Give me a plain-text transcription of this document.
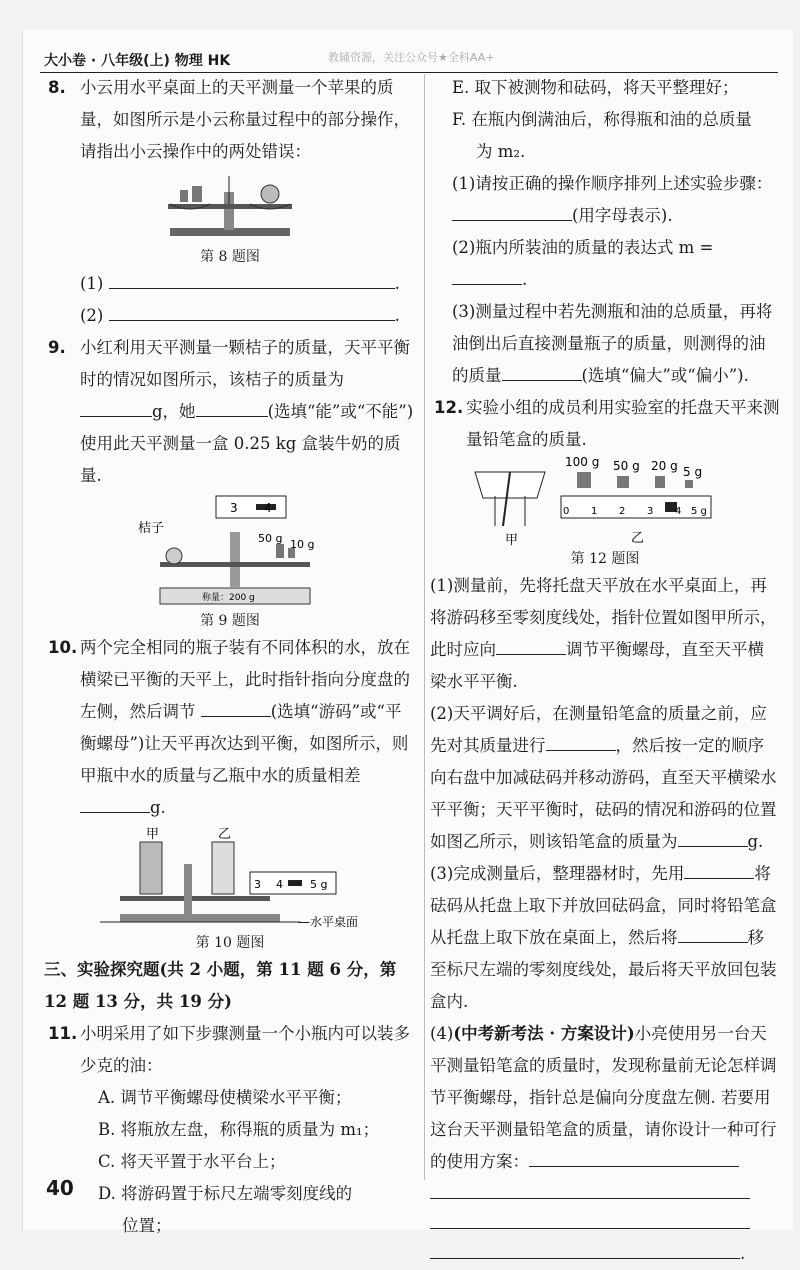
大小卷 · 八年级(上) 物理 HK	教辅资源，关注公众号★全科AA+
8. 小云用水平桌面上的天平测量一个苹果的质量，如图所示是小云称量过程中的部分操作，请指出小云操作中的两处错误：
第 8 题图
(1)	.
(2)	.
9. 小红利用天平测量一颗桔子的质量，天平平衡时的情况如图所示，该桔子的质量为 g，她	(选填“能”或“不能”)使用此天平测量一盒 0.25 kg 盒装牛奶的质量.
3 4
称量：200 g
桔子
50 g 10 g
第 9 题图
10. 两个完全相同的瓶子装有不同体积的水，放在横梁已平衡的天平上，此时指针指向分度盘的左侧，然后调节	(选填“游码”或“平衡螺母”)让天平再次达到平衡，如图所示，则甲瓶中水的质量与乙瓶中水的质量相差g.
甲	乙
—水平桌面
3 4 5 g
第 10 题图
三、实验探究题(共 2 小题，第 11 题 6 分，第 12 题 13 分，共 19 分)
11. 小明采用了如下步骤测量一个小瓶内可以装多少克的油：
A. 调节平衡螺母使横梁水平平衡；
B. 将瓶放左盘，称得瓶的质量为 m₁；
C. 将天平置于水平台上；
D. 将游码置于标尺左端零刻度线的
位置；
40
E. 取下被测物和砝码，将天平整理好；
F. 在瓶内倒满油后，称得瓶和油的总质量
为 m₂.
(1)请按正确的操作顺序排列上述实验步骤：(用字母表示).
(2)瓶内所装油的质量的表达式 m = .
(3)测量过程中若先测瓶和油的总质量，再将油倒出后直接测量瓶子的质量，则测得的油的质量	(选填“偏大”或“偏小”).
12. 实验小组的成员利用实验室的托盘天平来测量铅笔盒的质量.
甲
100 g 50 g 20 g 5 g
0 1 2 3 4 5 g
乙
第 12 题图
(1)测量前，先将托盘天平放在水平桌面上，再将游码移至零刻度线处，指针位置如图甲所示，此时应向	调节平衡螺母，直至天平横梁水平平衡.
(2)天平调好后，在测量铅笔盒的质量之前，应先对其质量进行	，然后按一定的顺序向右盘中加减砝码并移动游码，直至天平横梁水平平衡；天平平衡时，砝码的情况和游码的位置如图乙所示，则该铅笔盒的质量为	g.
(3)完成测量后，整理器材时，先用	将砝码从托盘上取下并放回砝码盒，同时将铅笔盒从托盘上取下放在桌面上，然后将	移至标尺左端的零刻度线处，最后将天平放回包装盒内.
(4)(中考新考法 · 方案设计)小亮使用另一台天平测量铅笔盒的质量时，发现称量前无论怎样调节平衡螺母，指针总是偏向分度盘左侧. 若要用这台天平测量铅笔盒的质量，请你设计一种可行的使用方案：
.
